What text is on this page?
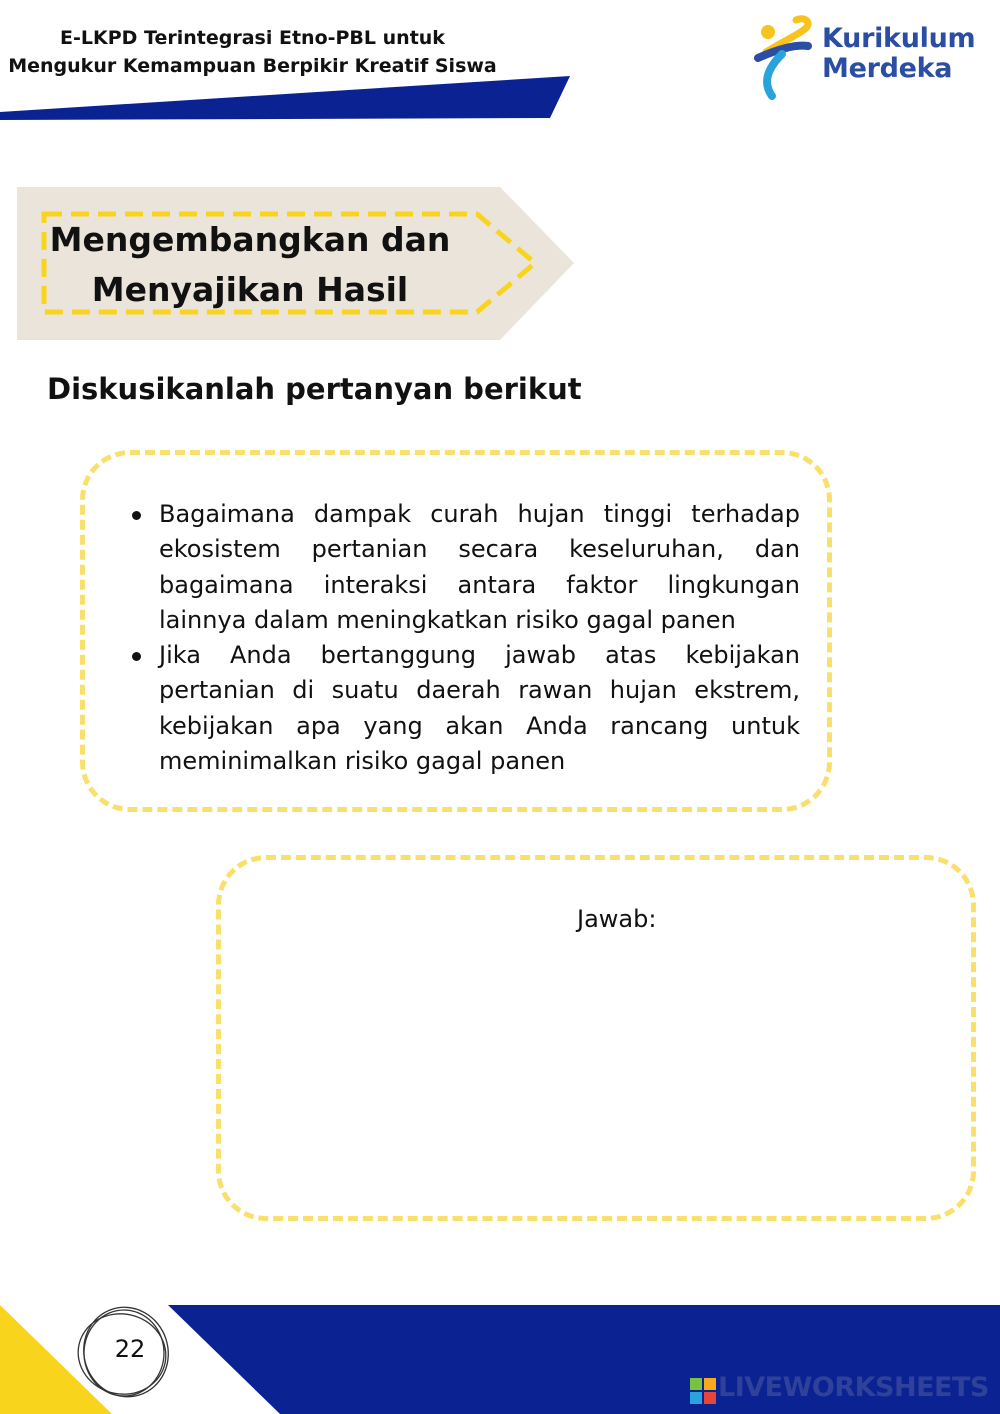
E-LKPD Terintegrasi Etno-PBL untuk
Mengukur Kemampuan Berpikir Kreatif Siswa
Kurikulum
Merdeka
Mengembangkan dan
Menyajikan Hasil
Diskusikanlah pertanyan berikut
Bagaimana dampak curah hujan tinggi terhadap ekosistem pertanian secara keseluruhan, dan bagaimana interaksi antara faktor lingkungan lainnya dalam meningkatkan risiko gagal panen
Jika Anda bertanggung jawab atas kebijakan pertanian di suatu daerah rawan hujan ekstrem, kebijakan apa yang akan Anda rancang untuk meminimalkan risiko gagal panen
Jawab:
22
LIVEWORKSHEETS
